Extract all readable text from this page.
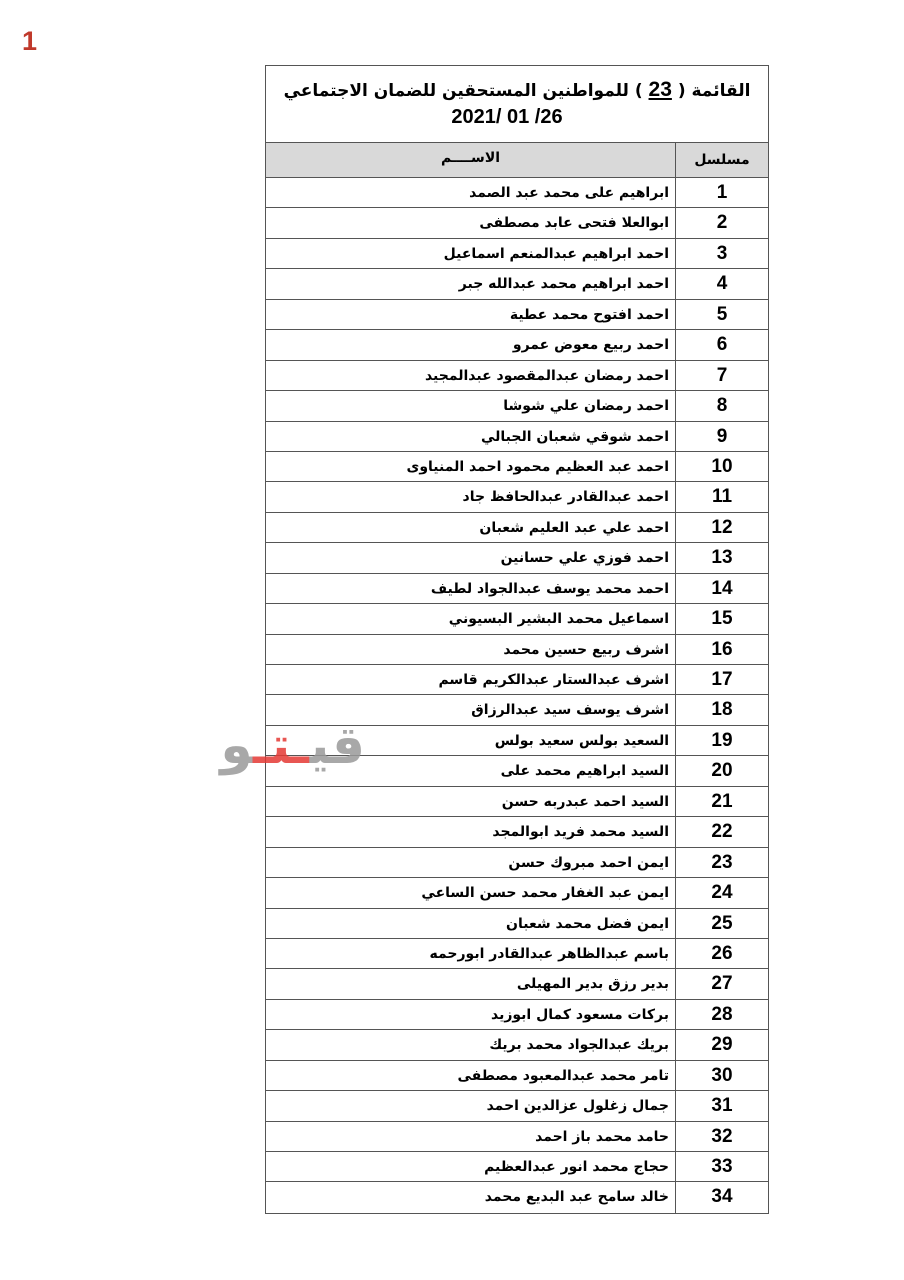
1
القائمة ( 23 ) للمواطنين المستحقين للضمان الاجتماعي
2021/ 01 /26
مسلسل
الاســــم
1
ابراهيم على محمد عبد الصمد
2
ابوالعلا فتحى عابد مصطفى
3
احمد ابراهيم عبدالمنعم اسماعيل
4
احمد ابراهيم محمد عبدالله جبر
5
احمد افتوح محمد عطية
6
احمد ربيع معوض عمرو
7
احمد رمضان عبدالمقصود عبدالمجيد
8
احمد رمضان علي شوشا
9
احمد شوقي شعبان الجبالي
10
احمد عبد العظيم محمود احمد المنياوى
11
احمد عبدالقادر عبدالحافظ جاد
12
احمد علي عبد العليم شعبان
13
احمد فوزي علي حسانين
14
احمد محمد يوسف عبدالجواد لطيف
15
اسماعيل محمد البشير البسيوني
16
اشرف ربيع حسين محمد
17
اشرف عبدالستار عبدالكريم قاسم
18
اشرف يوسف سيد عبدالرزاق
19
السعيد بولس سعيد بولس
20
السيد ابراهيم محمد على
21
السيد احمد عبدربه حسن
22
السيد محمد فريد ابوالمجد
23
ايمن احمد مبروك حسن
24
ايمن عبد الغفار محمد حسن الساعي
25
ايمن فضل محمد شعبان
26
باسم عبدالظاهر عبدالقادر ابورحمه
27
بدير رزق بدير المهيلى
28
بركات مسعود كمال ابوزيد
29
بريك عبدالجواد محمد بريك
30
تامر محمد عبدالمعبود مصطفى
31
جمال زغلول عزالدين احمد
32
حامد محمد باز احمد
33
حجاج محمد انور عبدالعظيم
34
خالد سامح عبد البديع محمد
قيـتـو
